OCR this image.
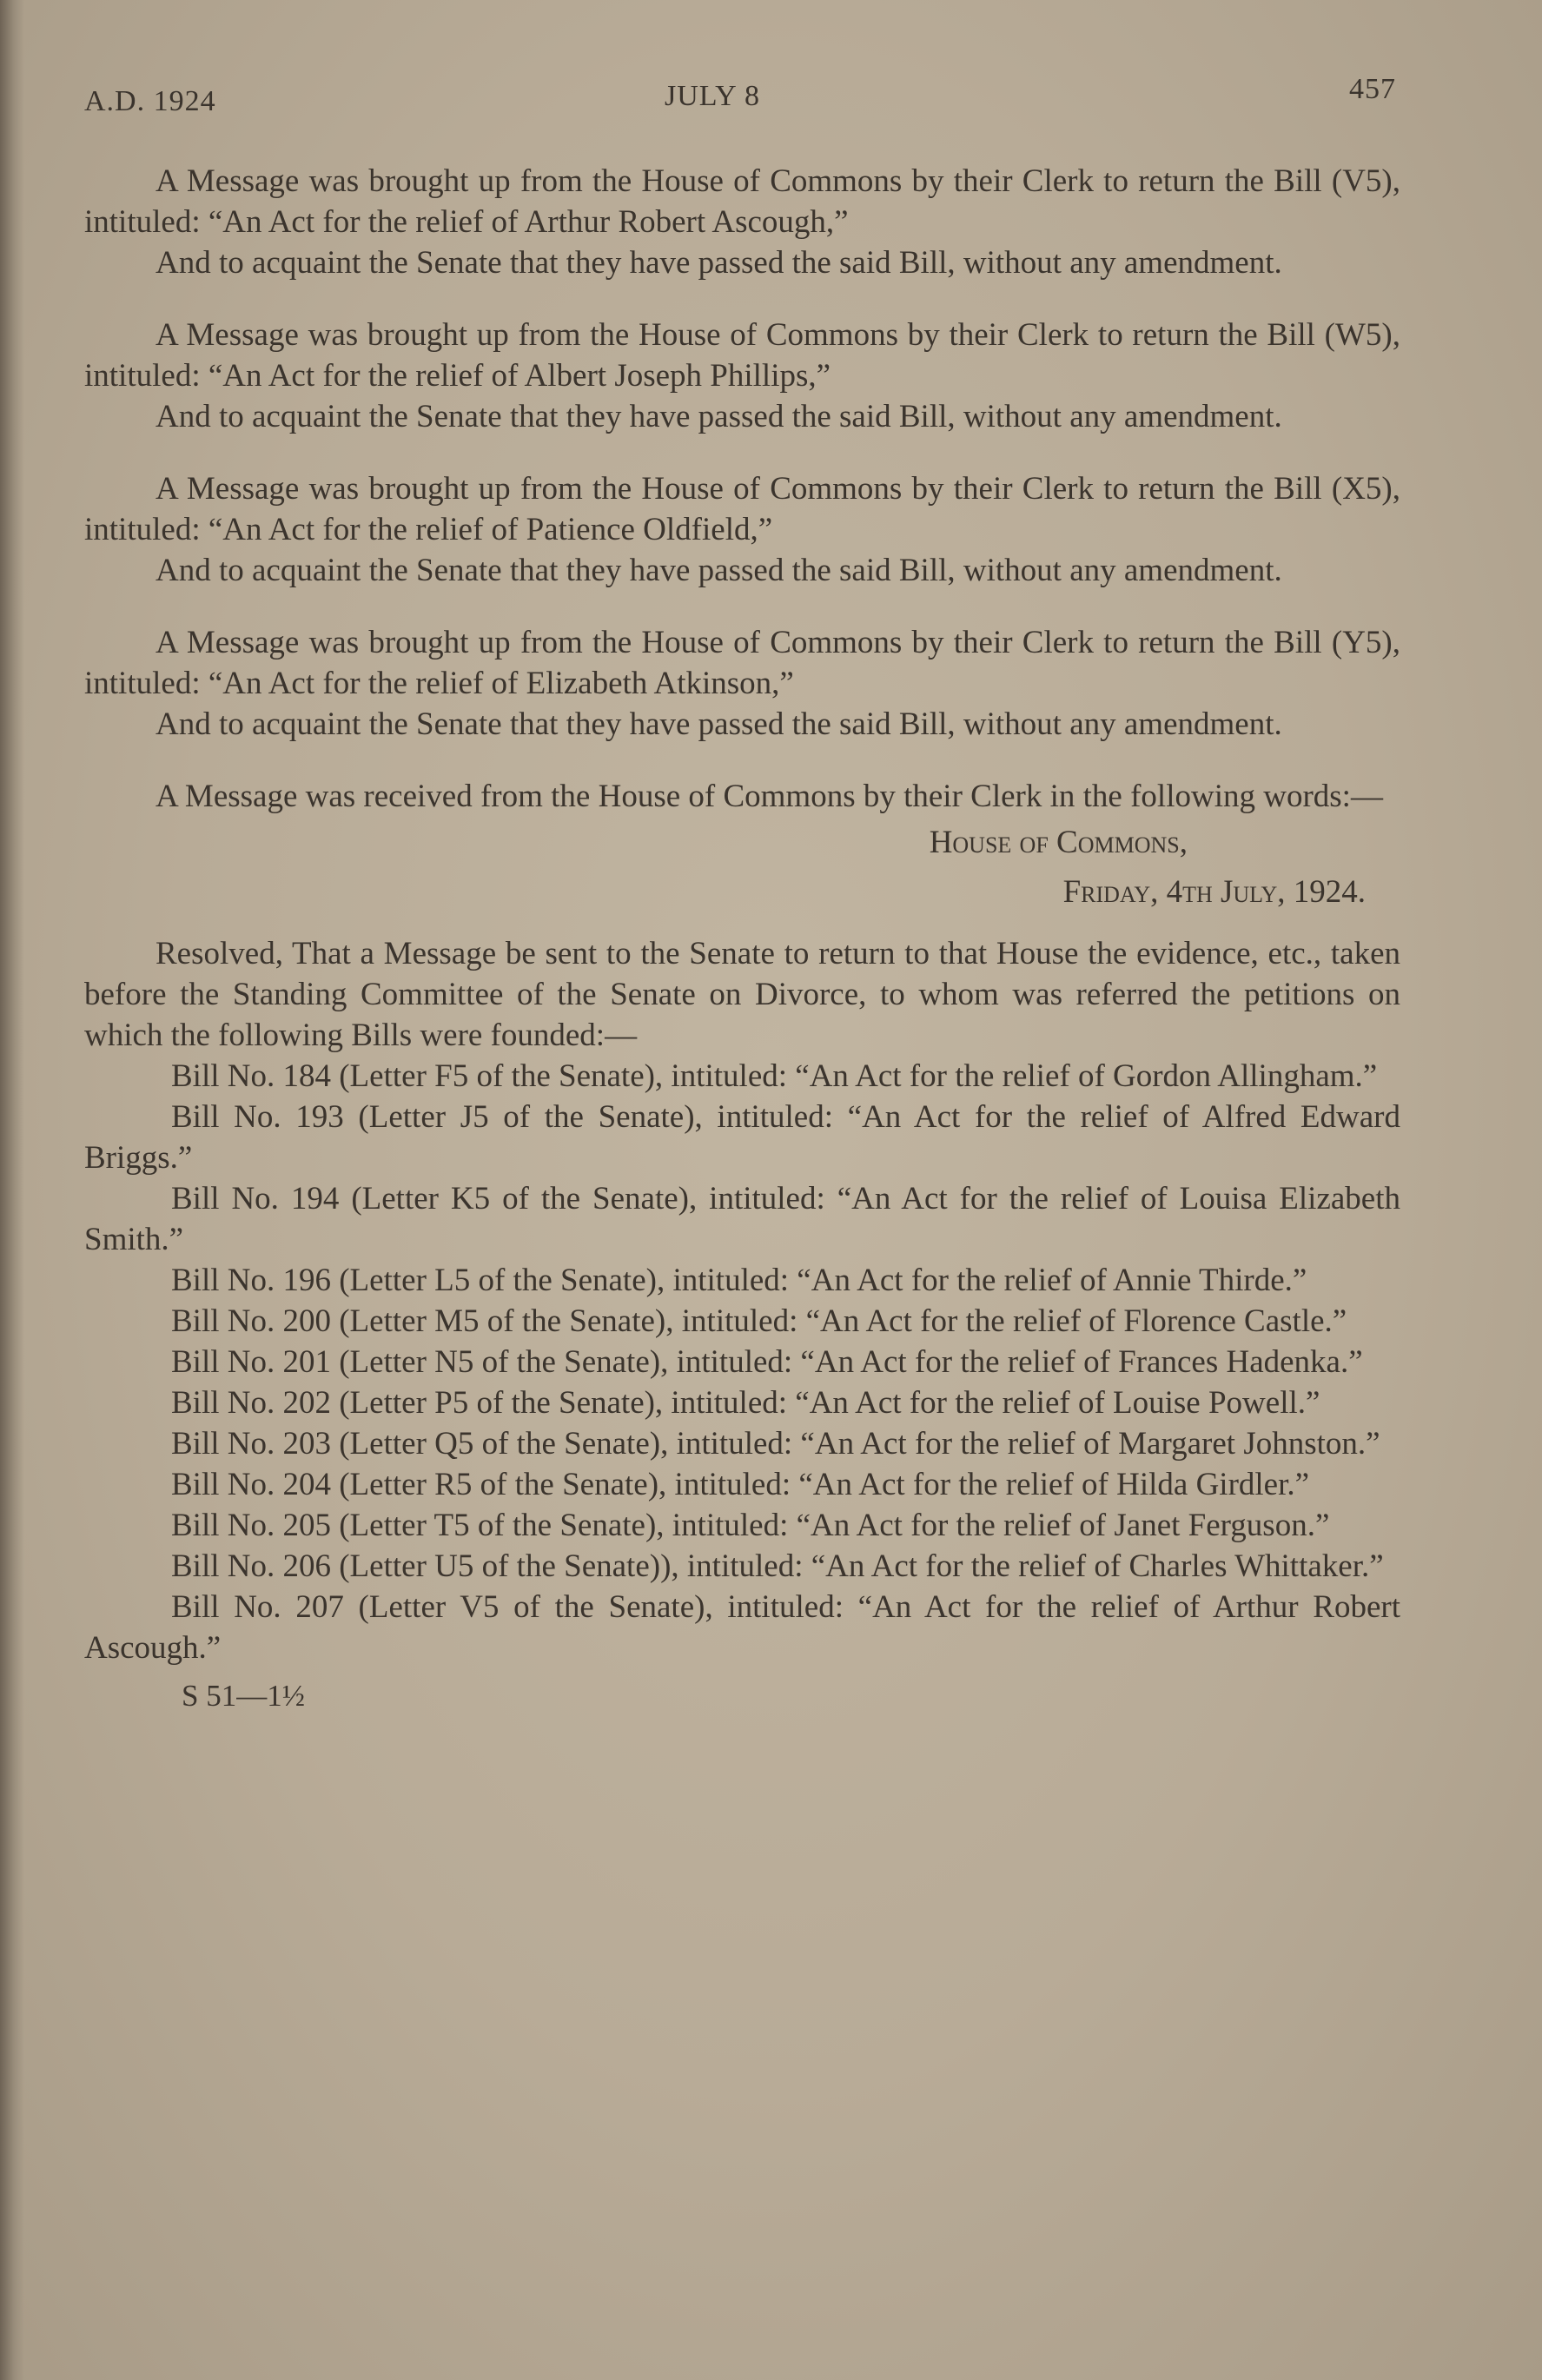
A.D. 1924	JULY 8	457

A Message was brought up from the House of Commons by their Clerk to return the Bill (V5), intituled: “An Act for the relief of Arthur Robert Ascough,”

And to acquaint the Senate that they have passed the said Bill, without any amendment.

A Message was brought up from the House of Commons by their Clerk to return the Bill (W5), intituled: “An Act for the relief of Albert Joseph Phillips,”

And to acquaint the Senate that they have passed the said Bill, without any amendment.

A Message was brought up from the House of Commons by their Clerk to return the Bill (X5), intituled: “An Act for the relief of Patience Oldfield,”

And to acquaint the Senate that they have passed the said Bill, without any amendment.

A Message was brought up from the House of Commons by their Clerk to return the Bill (Y5), intituled: “An Act for the relief of Elizabeth Atkinson,”

And to acquaint the Senate that they have passed the said Bill, without any amendment.

A Message was received from the House of Commons by their Clerk in the following words:—

House of Commons,

Friday, 4th July, 1924.

Resolved, That a Message be sent to the Senate to return to that House the evidence, etc., taken before the Standing Committee of the Senate on Divorce, to whom was referred the petitions on which the following Bills were founded:—

Bill No. 184 (Letter F5 of the Senate), intituled: “An Act for the relief of Gordon Allingham.”

Bill No. 193 (Letter J5 of the Senate), intituled: “An Act for the relief of Alfred Edward Briggs.”

Bill No. 194 (Letter K5 of the Senate), intituled: “An Act for the relief of Louisa Elizabeth Smith.”

Bill No. 196 (Letter L5 of the Senate), intituled: “An Act for the relief of Annie Thirde.”

Bill No. 200 (Letter M5 of the Senate), intituled: “An Act for the relief of Florence Castle.”

Bill No. 201 (Letter N5 of the Senate), intituled: “An Act for the relief of Frances Hadenka.”

Bill No. 202 (Letter P5 of the Senate), intituled: “An Act for the relief of Louise Powell.”

Bill No. 203 (Letter Q5 of the Senate), intituled: “An Act for the relief of Margaret Johnston.”

Bill No. 204 (Letter R5 of the Senate), intituled: “An Act for the relief of Hilda Girdler.”

Bill No. 205 (Letter T5 of the Senate), intituled: “An Act for the relief of Janet Ferguson.”

Bill No. 206 (Letter U5 of the Senate)), intituled: “An Act for the relief of Charles Whittaker.”

Bill No. 207 (Letter V5 of the Senate), intituled: “An Act for the relief of Arthur Robert Ascough.”

S 51—1½
